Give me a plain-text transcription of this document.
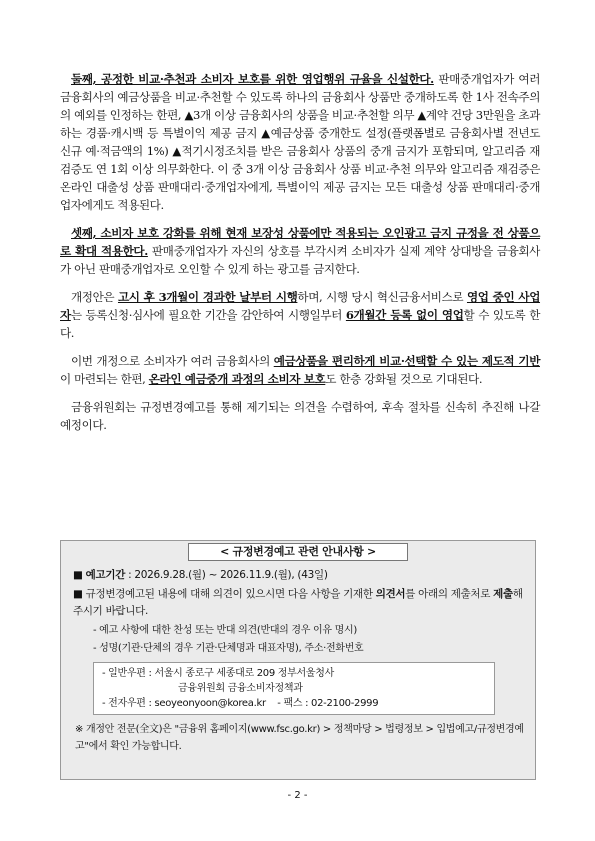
둘째, 공정한 비교·추천과 소비자 보호를 위한 영업행위 규율을 신설한다. 판매중개업자가 여러 금융회사의 예금상품을 비교·추천할 수 있도록 하나의 금융회사 상품만 중개하도록 한 1사 전속주의의 예외를 인정하는 한편, ▲3개 이상 금융회사의 상품을 비교·추천할 의무 ▲계약 건당 3만원을 초과하는 경품·캐시백 등 특별이익 제공 금지 ▲예금상품 중개한도 설정(플랫폼별로 금융회사별 전년도 신규 예·적금액의 1%) ▲적기시정조치를 받은 금융회사 상품의 중개 금지가 포함되며, 알고리즘 재검증도 연 1회 이상 의무화한다. 이 중 3개 이상 금융회사 상품 비교·추천 의무와 알고리즘 재검증은 온라인 대출성 상품 판매대리·중개업자에게, 특별이익 제공 금지는 모든 대출성 상품 판매대리·중개업자에게도 적용된다.

셋째, 소비자 보호 강화를 위해 현재 보장성 상품에만 적용되는 오인광고 금지 규정을 전 상품으로 확대 적용한다. 판매중개업자가 자신의 상호를 부각시켜 소비자가 실제 계약 상대방을 금융회사가 아닌 판매중개업자로 오인할 수 있게 하는 광고를 금지한다.

개정안은 고시 후 3개월이 경과한 날부터 시행하며, 시행 당시 혁신금융서비스로 영업 중인 사업자는 등록신청·심사에 필요한 기간을 감안하여 시행일부터 6개월간 등록 없이 영업할 수 있도록 한다.

이번 개정으로 소비자가 여러 금융회사의 예금상품을 편리하게 비교·선택할 수 있는 제도적 기반이 마련되는 한편, 온라인 예금중개 과정의 소비자 보호도 한층 강화될 것으로 기대된다.

금융위원회는 규정변경예고를 통해 제기되는 의견을 수렴하여, 후속 절차를 신속히 추진해 나갈 예정이다.

< 규정변경예고 관련 안내사항 >
■ 예고기간 : 2026.9.28.(월) ~ 2026.11.9.(월), (43일)
■ 규정변경예고된 내용에 대해 의견이 있으시면 다음 사항을 기재한 의견서를 아래의 제출처로 제출해 주시기 바랍니다.
- 예고 사항에 대한 찬성 또는 반대 의견(반대의 경우 이유 명시)
- 성명(기관·단체의 경우 기관·단체명과 대표자명), 주소·전화번호
- 일반우편 : 서울시 종로구 세종대로 209 정부서울청사
금융위원회 금융소비자정책과
- 전자우편 : seoyeonyoon@korea.kr - 팩스 : 02-2100-2999
※ 개정안 전문(全文)은 "금융위 홈페이지(www.fsc.go.kr) > 정책마당 > 법령정보 > 입법예고/규정변경예고"에서 확인 가능합니다.
- 2 -
